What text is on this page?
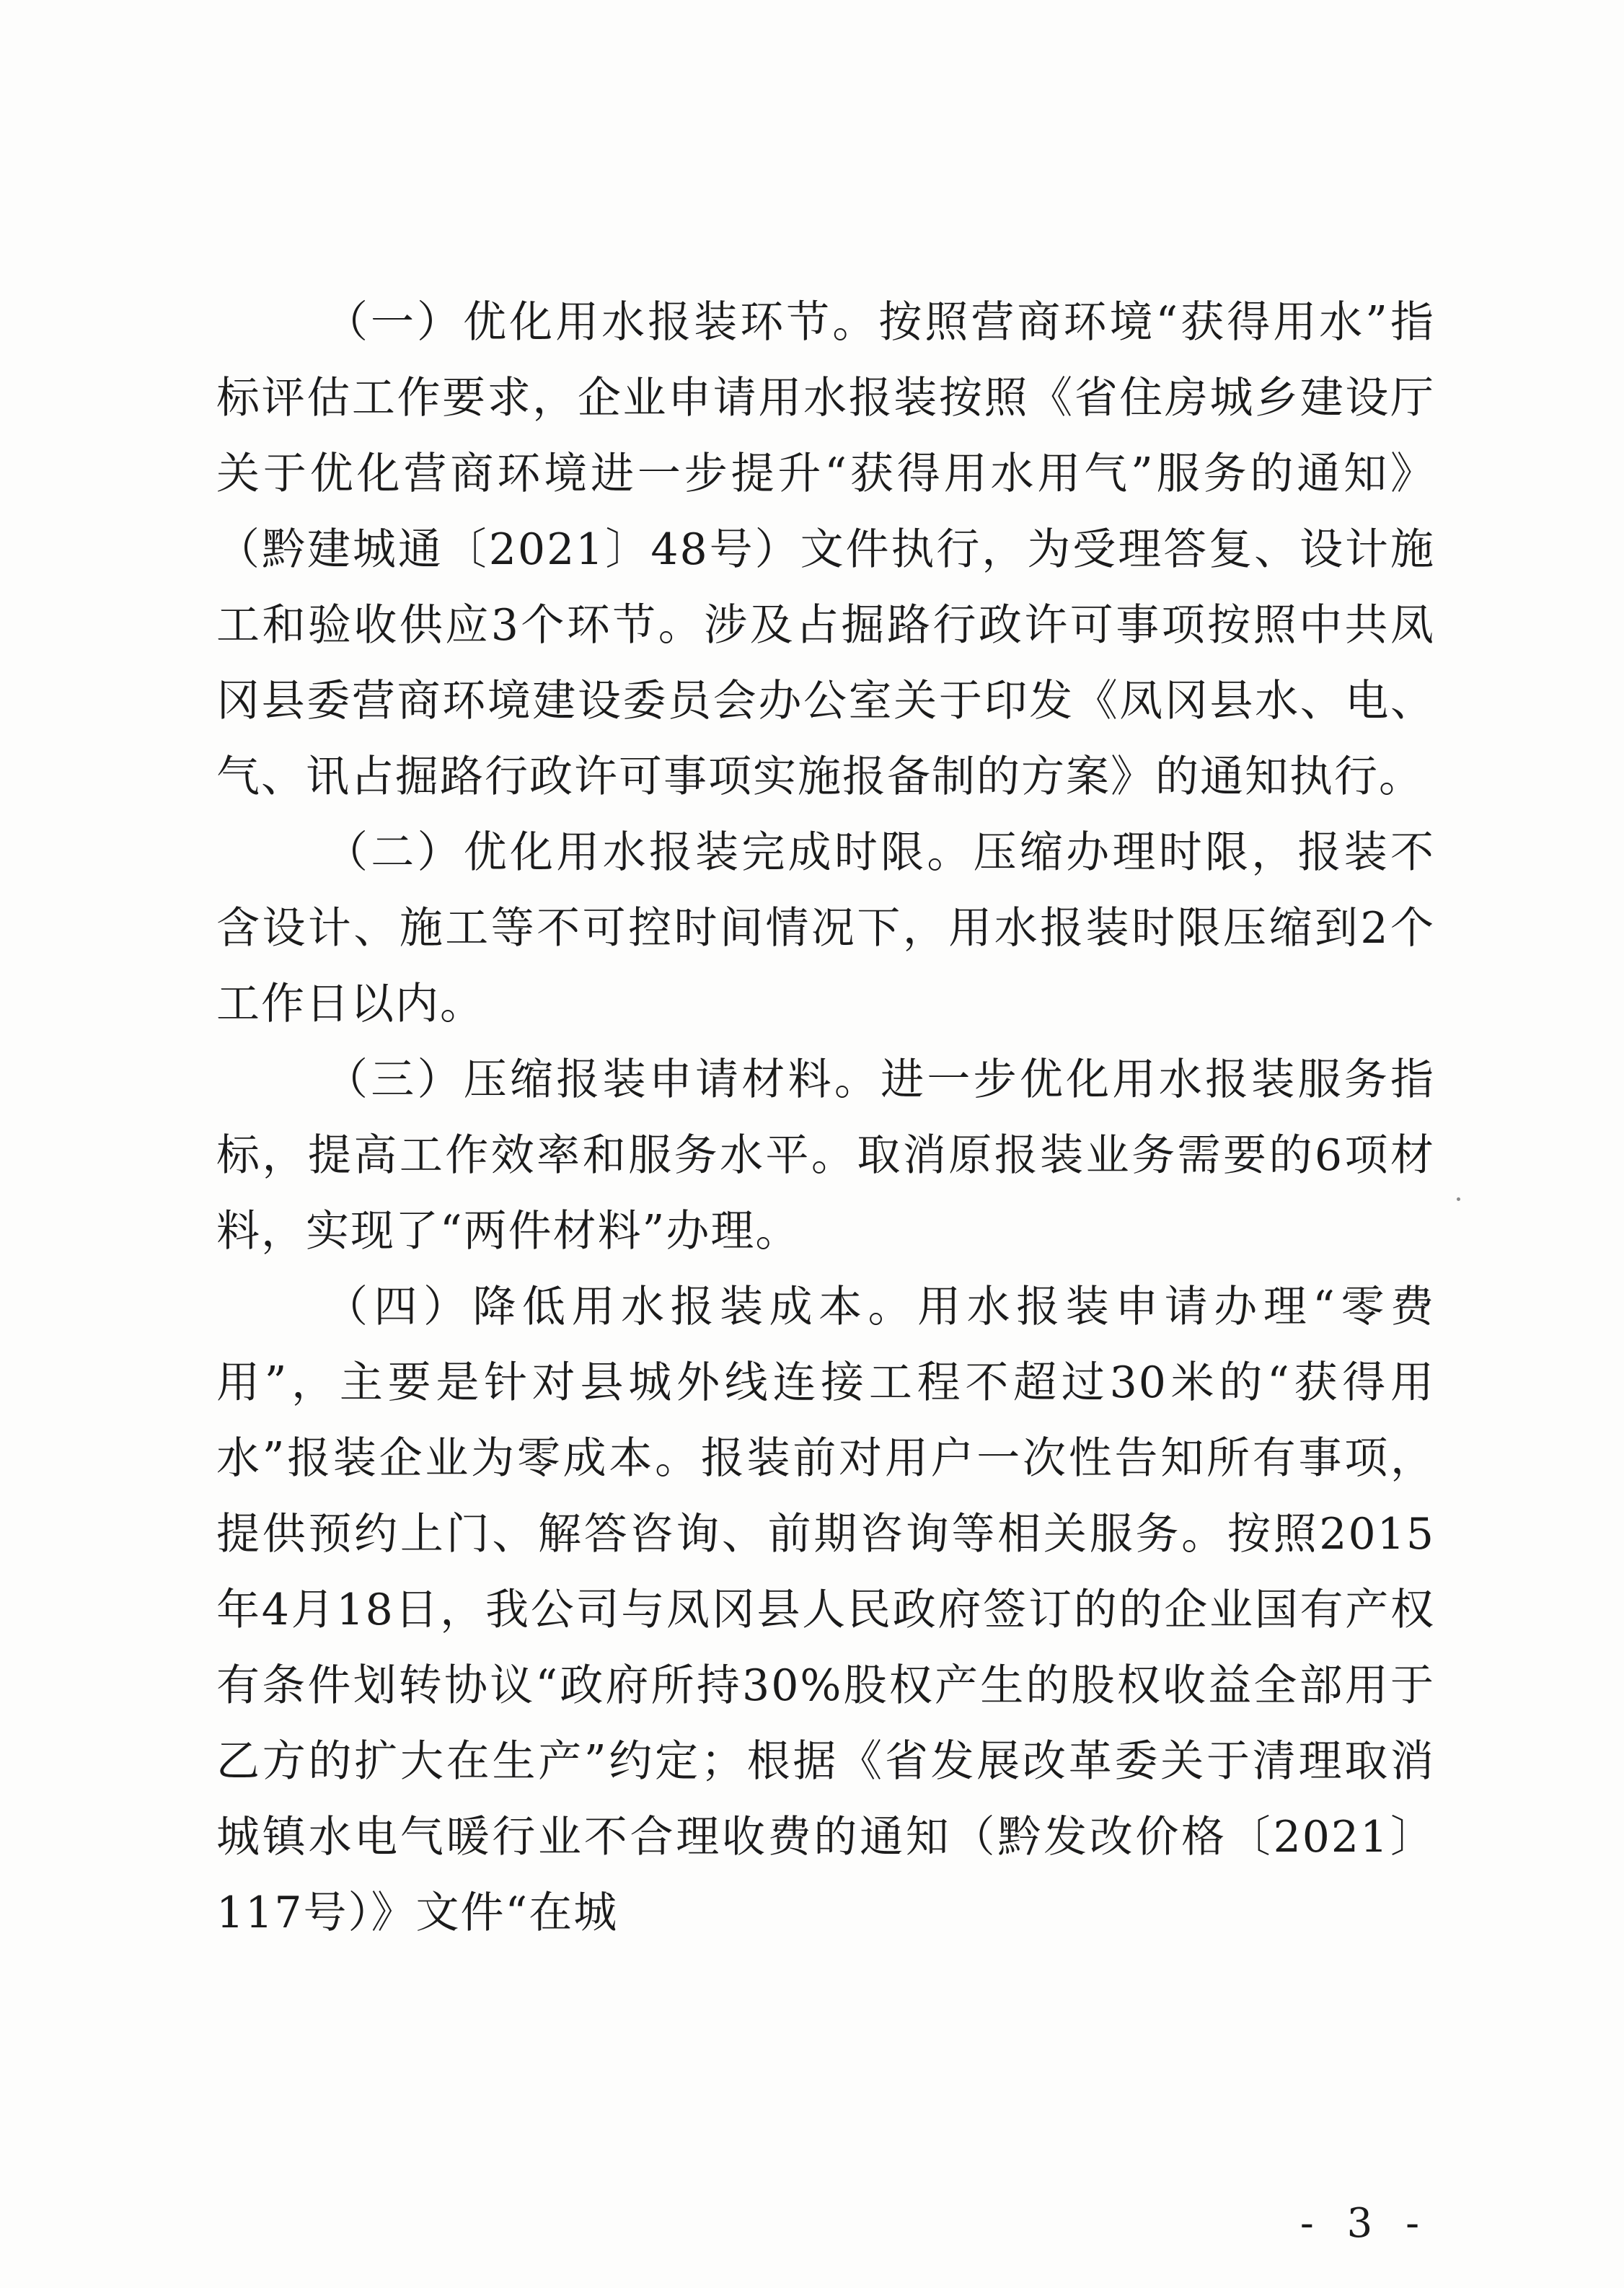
（一）优化用水报装环节。按照营商环境“获得用水”指标评估工作要求，企业申请用水报装按照《省住房城乡建设厅关于优化营商环境进一步提升“获得用水用气”服务的通知》（黔建城通〔2021〕48号）文件执行，为受理答复、设计施工和验收供应3个环节。涉及占掘路行政许可事项按照中共凤冈县委营商环境建设委员会办公室关于印发《凤冈县水、电、气、讯占掘路行政许可事项实施报备制的方案》的通知执行。

（二）优化用水报装完成时限。压缩办理时限，报装不含设计、施工等不可控时间情况下，用水报装时限压缩到2个工作日以内。

（三）压缩报装申请材料。进一步优化用水报装服务指标，提高工作效率和服务水平。取消原报装业务需要的6项材料，实现了“两件材料”办理。

（四）降低用水报装成本。用水报装申请办理“零费用”，主要是针对县城外线连接工程不超过30米的“获得用水”报装企业为零成本。报装前对用户一次性告知所有事项，提供预约上门、解答咨询、前期咨询等相关服务。按照2015年4月18日，我公司与凤冈县人民政府签订的的企业国有产权有条件划转协议“政府所持30%股权产生的股权收益全部用于乙方的扩大在生产”约定；根据《省发展改革委关于清理取消城镇水电气暖行业不合理收费的通知（黔发改价格〔2021〕117号）》文件“在城

- 3 -
